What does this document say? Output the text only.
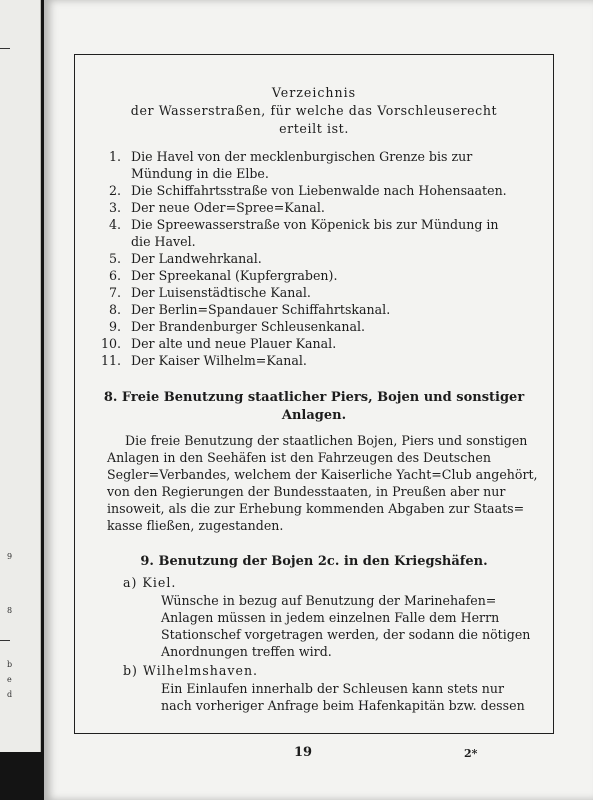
9
8
b
e
d
Verzeichnis
der Wasserstraßen, für welche das Vorschleuserecht
erteilt ist.
1. Die Havel von der mecklenburgischen Grenze bis zur
Mündung in die Elbe.
2. Die Schiffahrtsstraße von Liebenwalde nach Hohensaaten.
3. Der neue Oder=Spree=Kanal.
4. Die Spreewasserstraße von Köpenick bis zur Mündung in
die Havel.
5. Der Landwehrkanal.
6. Der Spreekanal (Kupfergraben).
7. Der Luisenstädtische Kanal.
8. Der Berlin=Spandauer Schiffahrtskanal.
9. Der Brandenburger Schleusenkanal.
10. Der alte und neue Plauer Kanal.
11. Der Kaiser Wilhelm=Kanal.
8. Freie Benutzung staatlicher Piers, Bojen und sonstiger
Anlagen.
Die freie Benutzung der staatlichen Bojen, Piers und sonstigen
Anlagen in den Seehäfen ist den Fahrzeugen des Deutschen
Segler=Verbandes, welchem der Kaiserliche Yacht=Club angehört,
von den Regierungen der Bundesstaaten, in Preußen aber nur
insoweit, als die zur Erhebung kommenden Abgaben zur Staats=
kasse fließen, zugestanden.
9. Benutzung der Bojen 2c. in den Kriegshäfen.
a) Kiel.
Wünsche in bezug auf Benutzung der Marinehafen=
Anlagen müssen in jedem einzelnen Falle dem Herrn
Stationschef vorgetragen werden, der sodann die nötigen
Anordnungen treffen wird.
b) Wilhelmshaven.
Ein Einlaufen innerhalb der Schleusen kann stets nur
nach vorheriger Anfrage beim Hafenkapitän bzw. dessen
19	2*
